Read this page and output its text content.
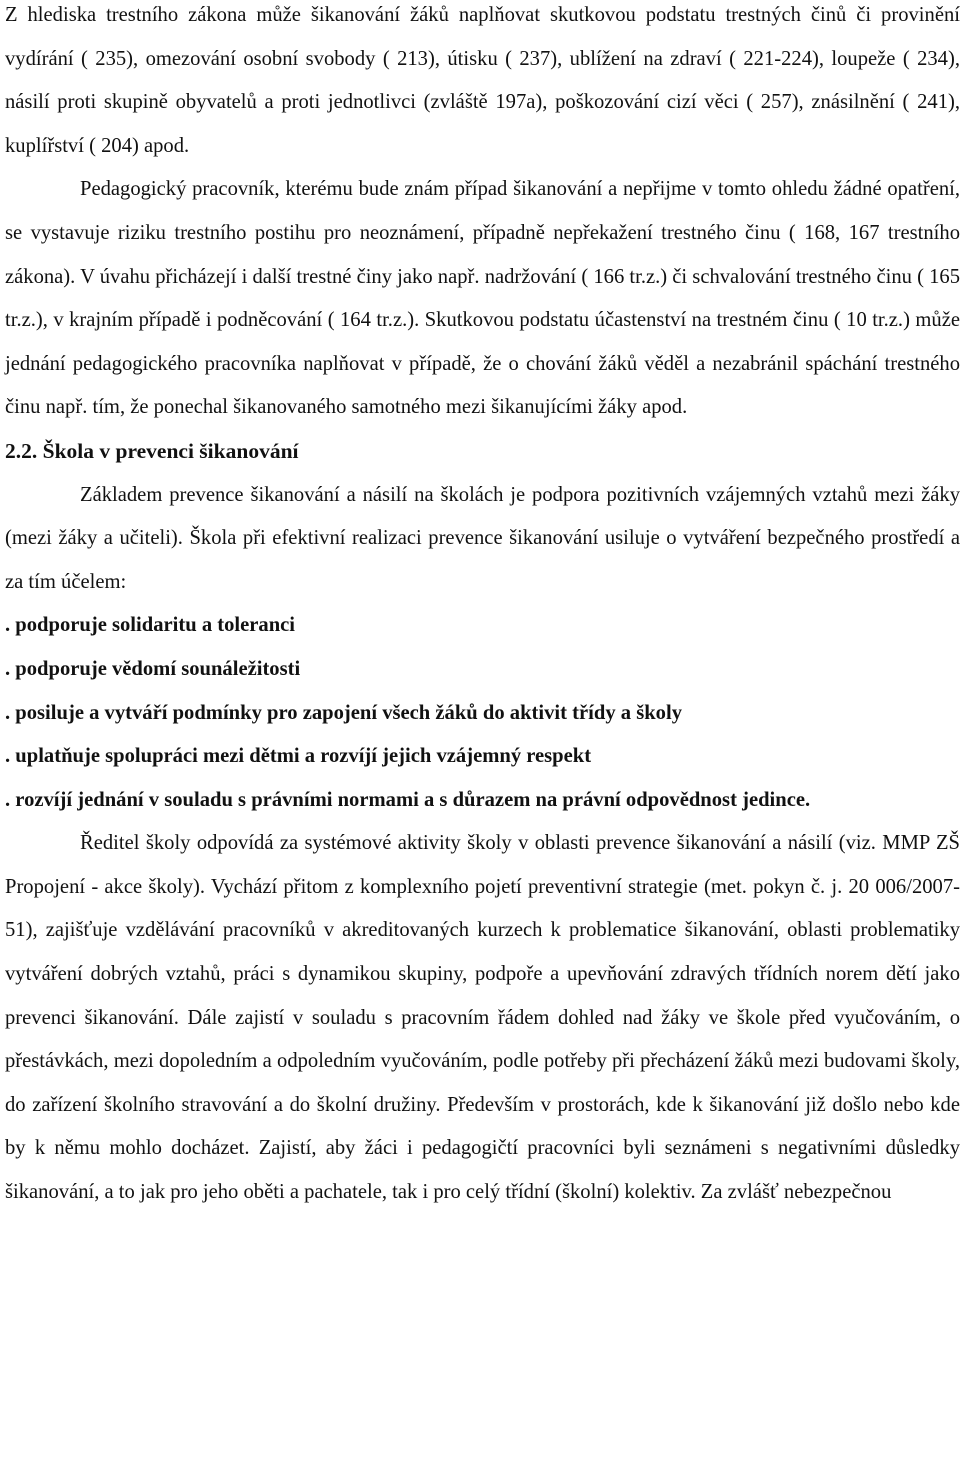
Z hlediska trestního zákona může šikanování žáků naplňovat skutkovou podstatu trestných činů či provinění vydírání ( 235), omezování osobní svobody ( 213), útisku ( 237), ublížení na zdraví ( 221-224), loupeže ( 234), násilí proti skupině obyvatelů a proti jednotlivci (zvláště 197a), poškozování cizí věci ( 257), znásilnění ( 241), kuplířství ( 204) apod.

Pedagogický pracovník, kterému bude znám případ šikanování a nepřijme v tomto ohledu žádné opatření, se vystavuje riziku trestního postihu pro neoznámení, případně nepřekažení trestného činu ( 168, 167 trestního zákona). V úvahu přicházejí i další trestné činy jako např. nadržování ( 166 tr.z.) či schvalování trestného činu ( 165 tr.z.), v krajním případě i podněcování ( 164 tr.z.). Skutkovou podstatu účastenství na trestném činu ( 10 tr.z.) může jednání pedagogického pracovníka naplňovat v případě, že o chování žáků věděl a nezabránil spáchání trestného činu např. tím, že ponechal šikanovaného samotného mezi šikanujícími žáky apod.

2.2. Škola v prevenci šikanování

Základem prevence šikanování a násilí na školách je podpora pozitivních vzájemných vztahů mezi žáky (mezi žáky a učiteli). Škola při efektivní realizaci prevence šikanování usiluje o vytváření bezpečného prostředí a za tím účelem:

. podporuje solidaritu a toleranci

. podporuje vědomí sounáležitosti

. posiluje a vytváří podmínky pro zapojení všech žáků do aktivit třídy a školy

. uplatňuje spolupráci mezi dětmi a rozvíjí jejich vzájemný respekt

. rozvíjí jednání v souladu s právními normami a s důrazem na právní odpovědnost jedince.

Ředitel školy odpovídá za systémové aktivity školy v oblasti prevence šikanování a násilí (viz. MMP ZŠ Propojení - akce školy). Vychází přitom z komplexního pojetí preventivní strategie (met. pokyn č. j. 20 006/2007-51), zajišťuje vzdělávání pracovníků v akreditovaných kurzech k problematice šikanování, oblasti problematiky vytváření dobrých vztahů, práci s dynamikou skupiny, podpoře a upevňování zdravých třídních norem dětí jako prevenci šikanování. Dále zajistí v souladu s pracovním řádem dohled nad žáky ve škole před vyučováním, o přestávkách, mezi dopoledním a odpoledním vyučováním, podle potřeby při přecházení žáků mezi budovami školy, do zařízení školního stravování a do školní družiny. Především v prostorách, kde k šikanování již došlo nebo kde by k němu mohlo docházet. Zajistí, aby žáci i pedagogičtí pracovníci byli seznámeni s negativními důsledky šikanování, a to jak pro jeho oběti a pachatele, tak i pro celý třídní (školní) kolektiv. Za zvlášť nebezpečnou
